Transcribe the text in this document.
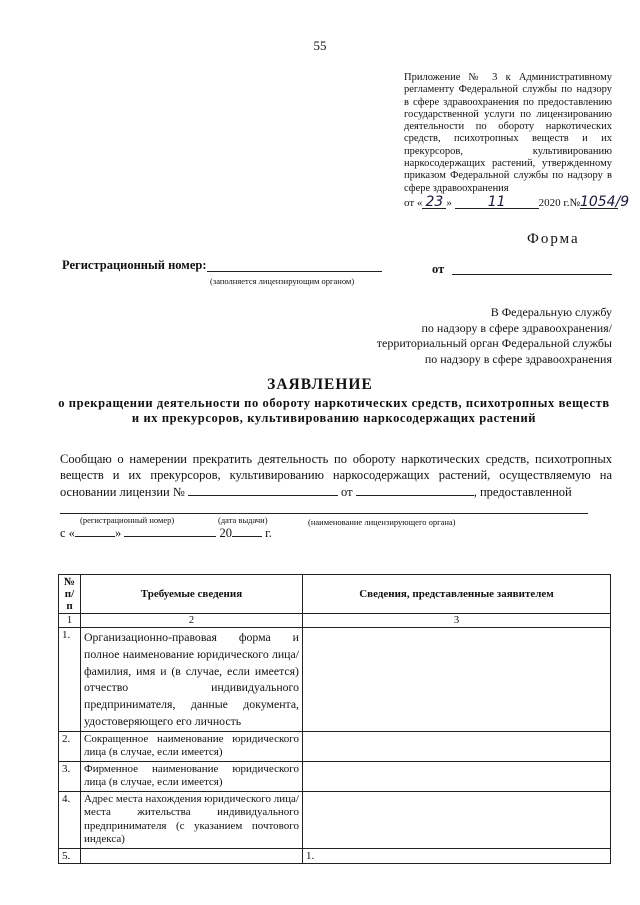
55
Приложение № 3 к Административному регламенту Федеральной службы по надзору в сфере здравоохранения по предоставлению государственной услуги по лицензированию деятельности по обороту наркотических средств, психотропных веществ и их прекурсоров, культивированию наркосодержащих растений, утвержденному приказом Федеральной службы по надзору в сфере здравоохранения
от « 23 »	11	2020 г.№1054/9
Форма
Регистрационный номер:
(заполняется лицензирующим органом)
от
В Федеральную службу
по надзору в сфере здравоохранения/
территориальный орган Федеральной службы
по надзору в сфере здравоохранения
ЗАЯВЛЕНИЕ
о прекращении деятельности по обороту наркотических средств, психотропных веществ и их прекурсоров, культивированию наркосодержащих растений
Сообщаю о намерении прекратить деятельность по обороту наркотических средств, психотропных веществ и их прекурсоров, культивированию наркосодержащих растений, осуществляемую на основании лицензии №	от	, предоставленной
(регистрационный номер)	(дата выдачи)	(наименование лицензирующего органа)
с «	»	20	г.
№ п/п	Требуемые сведения	Сведения, представленные заявителем
1	2	3
1.	Организационно-правовая форма и полное наименование юридического лица/ фамилия, имя и (в случае, если имеется) отчество индивидуального предпринимателя, данные документа, удостоверяющего его личность	
2.	Сокращенное наименование юридического лица (в случае, если имеется)	
3.	Фирменное наименование юридического лица (в случае, если имеется)	
4.	Адрес места нахождения юридического лица/места жительства индивидуального предпринимателя (с указанием почтового индекса)	
5.		1.
